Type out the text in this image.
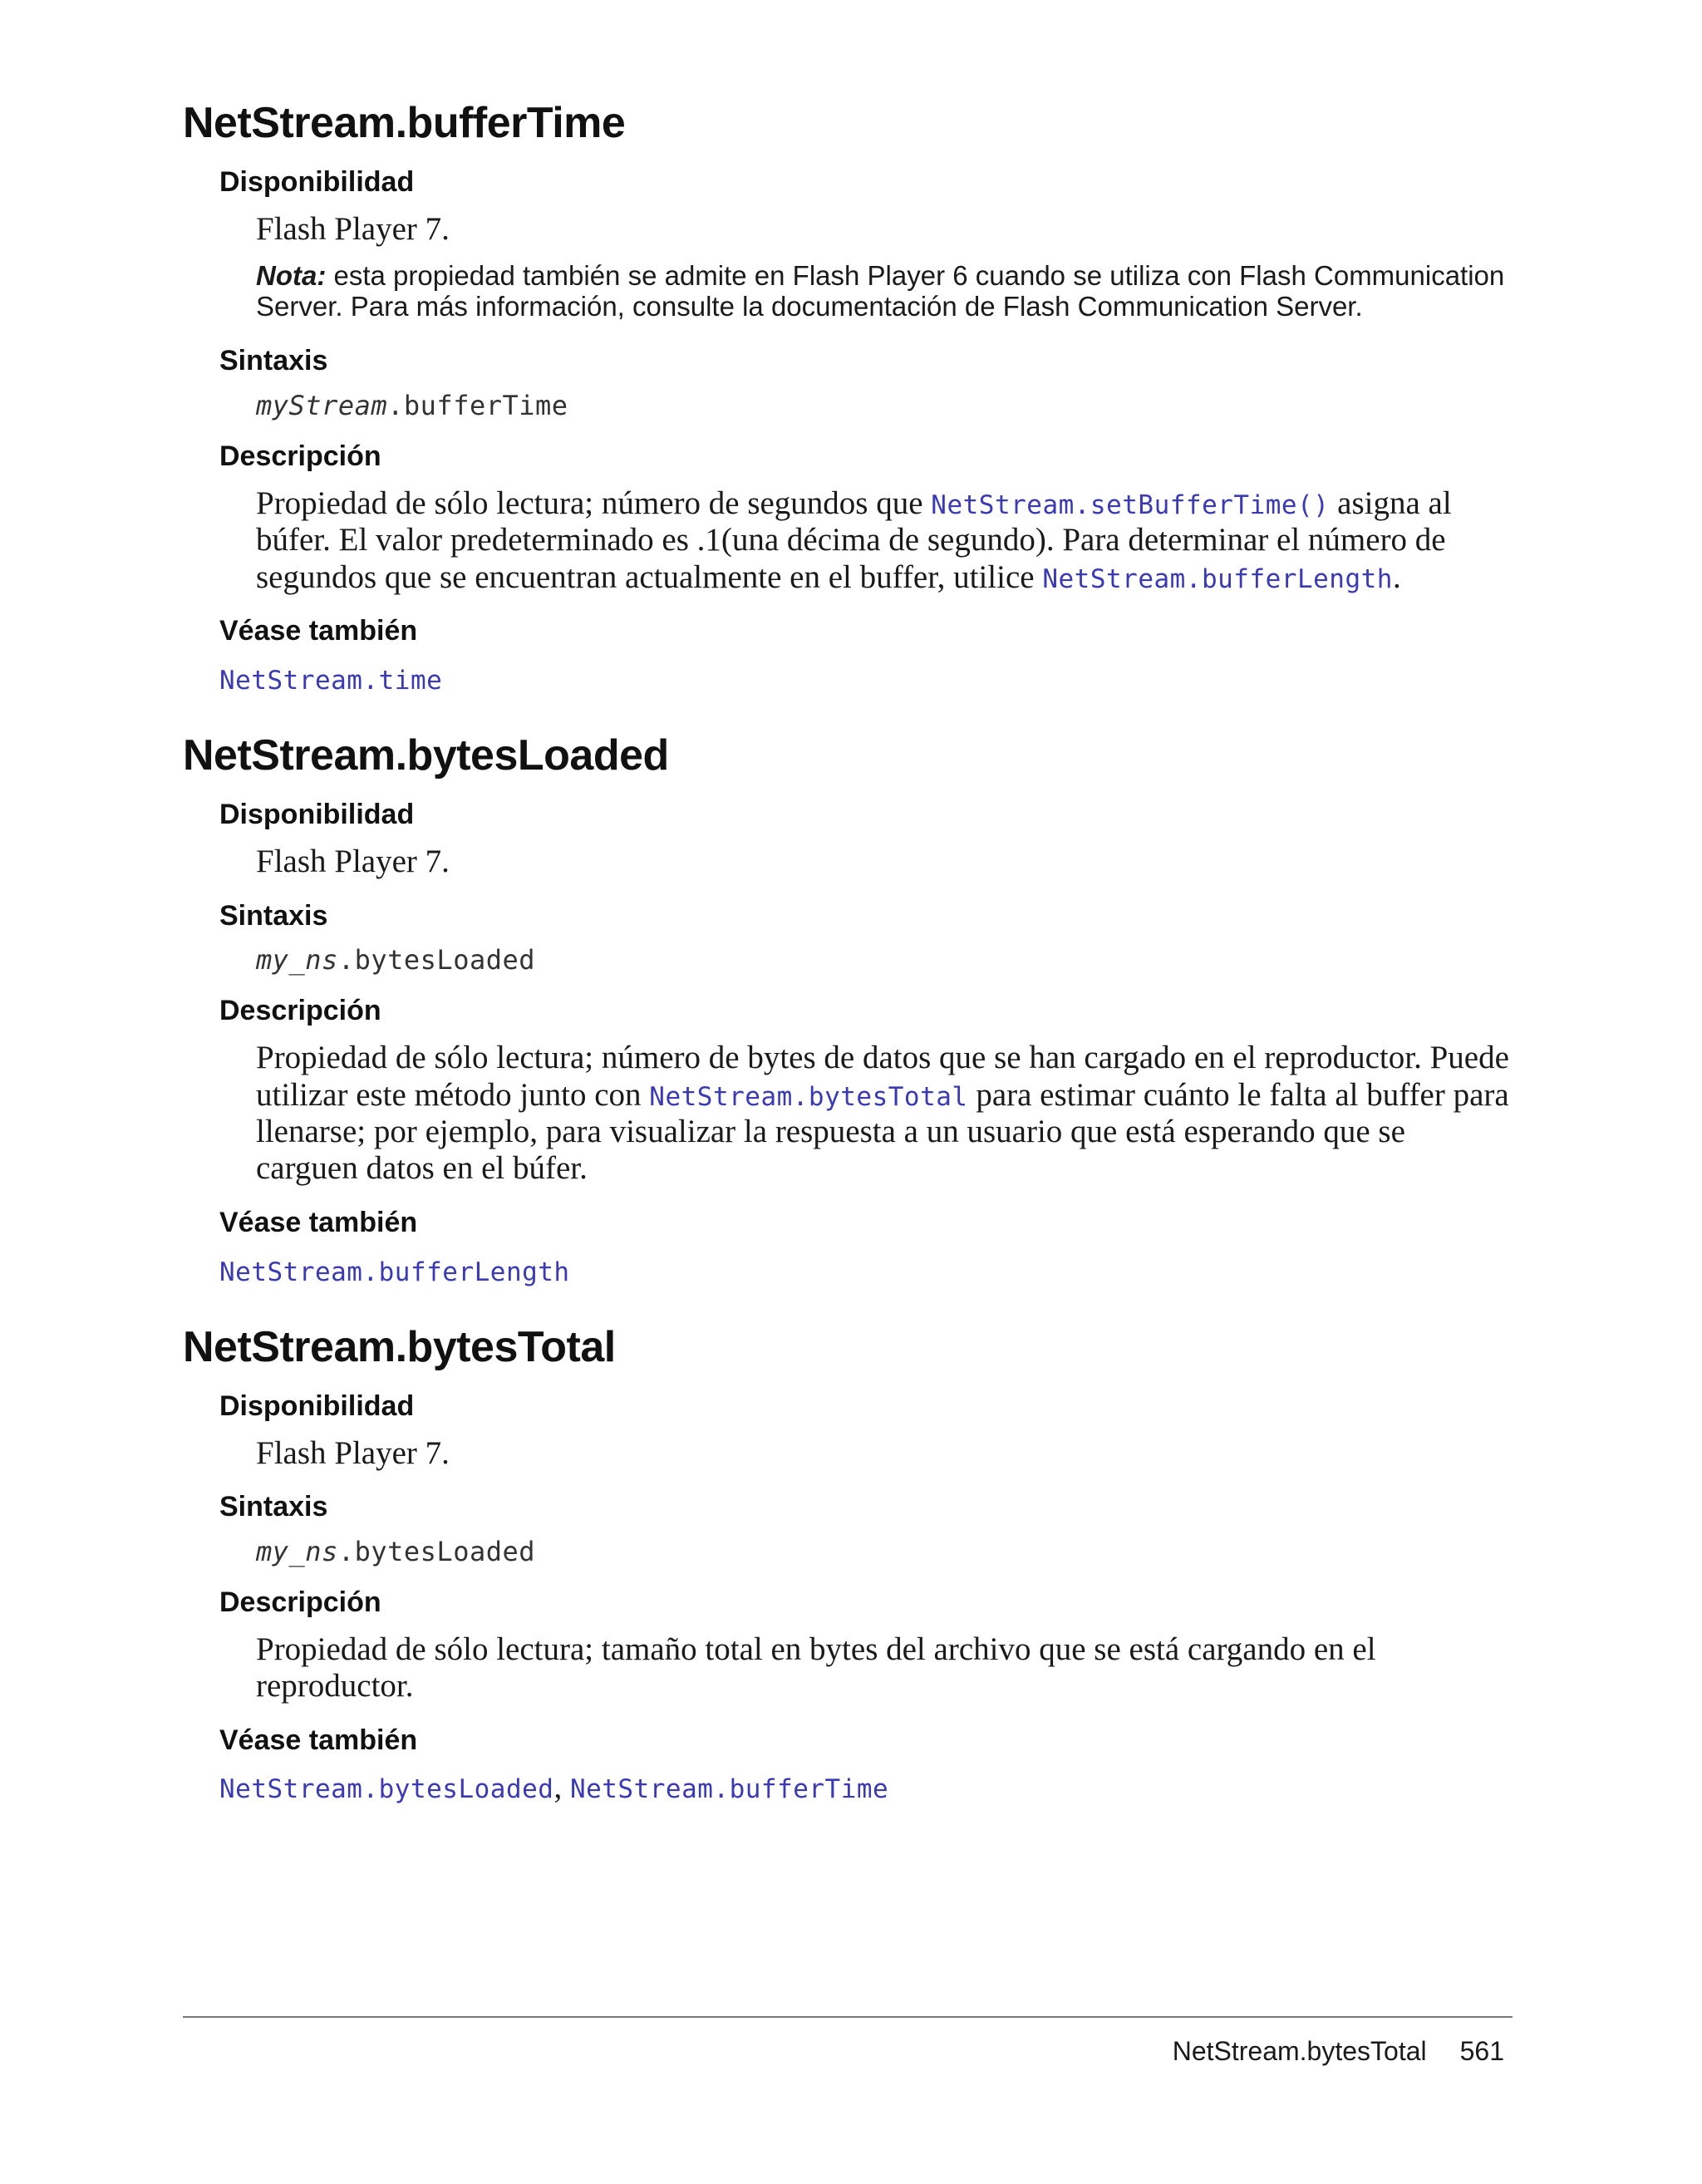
NetStream.bufferTime
Disponibilidad

Flash Player 7.

Nota: esta propiedad también se admite en Flash Player 6 cuando se utiliza con Flash Communication Server. Para más información, consulte la documentación de Flash Communication Server.

Sintaxis
myStream.bufferTime
Descripción

Propiedad de sólo lectura; número de segundos que NetStream.setBufferTime() asigna al búfer. El valor predeterminado es .1(una décima de segundo). Para determinar el número de segundos que se encuentran actualmente en el buffer, utilice NetStream.bufferLength.

Véase también
NetStream.time
NetStream.bytesLoaded
Disponibilidad

Flash Player 7.

Sintaxis
my_ns.bytesLoaded
Descripción

Propiedad de sólo lectura; número de bytes de datos que se han cargado en el reproductor. Puede utilizar este método junto con NetStream.bytesTotal para estimar cuánto le falta al buffer para llenarse; por ejemplo, para visualizar la respuesta a un usuario que está esperando que se carguen datos en el búfer.

Véase también
NetStream.bufferLength
NetStream.bytesTotal
Disponibilidad

Flash Player 7.

Sintaxis
my_ns.bytesLoaded
Descripción

Propiedad de sólo lectura; tamaño total en bytes del archivo que se está cargando en el reproductor.

Véase también
NetStream.bytesLoaded, NetStream.bufferTime
NetStream.bytesTotal 561
